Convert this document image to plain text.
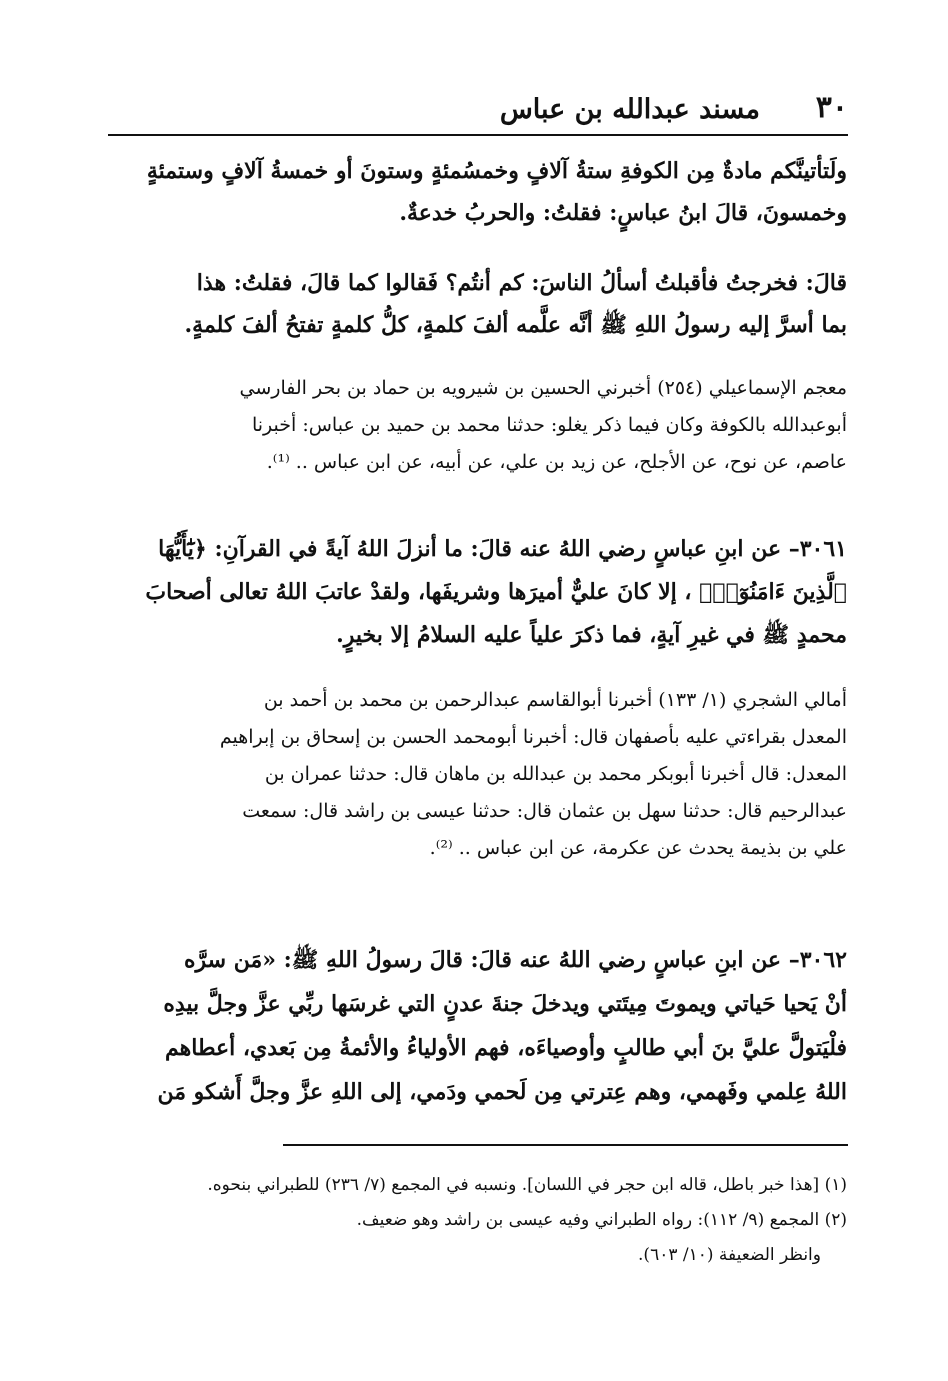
٣٠
مسند عبدالله بن عباس
ولَتأتينَّكم مادةٌ مِن الكوفةِ ستةُ آلافٍ وخمسُمئةٍ وستونَ أو خمسةُ آلافٍ وستمئةٍ
وخمسونَ، قالَ ابنُ عباسٍ: فقلتُ: والحربُ خدعةٌ.
قالَ: فخرجتُ فأقبلتُ أسألُ الناسَ: كم أنتُم؟ فَقالوا كما قالَ، فقلتُ: هذا
بما أسرَّ إليه رسولُ اللهِ ﷺ أنَّه علَّمه ألفَ كلمةٍ، كلُّ كلمةٍ تفتحُ ألفَ كلمةٍ.
معجم الإسماعيلي (٢٥٤) أخبرني الحسين بن شيرويه بن حماد بن بحر الفارسي
أبوعبدالله بالكوفة وكان فيما ذكر يغلو: حدثنا محمد بن حميد بن عباس: أخبرنا
عاصم، عن نوح، عن الأجلح، عن زيد بن علي، عن أبيه، عن ابن عباس .. ⁽¹⁾.
٣٠٦١– عن ابنِ عباسٍ رضي اللهُ عنه قالَ: ما أنزلَ اللهُ آيةً في القرآنِ: ﴿يَٰٓأَيُّهَا
ٱلَّذِينَ ءَامَنُوٓا۟﴾ ، إلا كانَ عليٌّ أميرَها وشريفَها، ولقدْ عاتبَ اللهُ تعالى أصحابَ
محمدٍ ﷺ في غيرِ آيةٍ، فما ذكرَ علياً عليه السلامُ إلا بخيرٍ.
أمالي الشجري (١/ ١٣٣) أخبرنا أبوالقاسم عبدالرحمن بن محمد بن أحمد بن
المعدل بقراءتي عليه بأصفهان قال: أخبرنا أبومحمد الحسن بن إسحاق بن إبراهيم
المعدل: قال أخبرنا أبوبكر محمد بن عبدالله بن ماهان قال: حدثنا عمران بن
عبدالرحيم قال: حدثنا سهل بن عثمان قال: حدثنا عيسى بن راشد قال: سمعت
علي بن بذيمة يحدث عن عكرمة، عن ابن عباس .. ⁽²⁾.
٣٠٦٢– عن ابنِ عباسٍ رضي اللهُ عنه قالَ: قالَ رسولُ اللهِ ﷺ: «مَن سرَّه
أنْ يَحيا حَياتي ويموتَ مِيتَتي ويدخلَ جنةَ عدنٍ التي غرسَها ربِّي عزَّ وجلَّ بيدِه
فلْيَتولَّ عليَّ بنَ أبي طالبٍ وأوصياءَه، فهم الأولياءُ والأئمةُ مِن بَعدي، أعطاهم
اللهُ عِلمي وفَهمي، وهم عِترتي مِن لَحمي ودَمي، إلى اللهِ عزَّ وجلَّ أَشكو مَن
(١) [هذا خبر باطل، قاله ابن حجر في اللسان]. ونسبه في المجمع (٧/ ٢٣٦) للطبراني بنحوه.
(٢) المجمع (٩/ ١١٢): رواه الطبراني وفيه عيسى بن راشد وهو ضعيف.
وانظر الضعيفة (١٠/ ٦٠٣).
